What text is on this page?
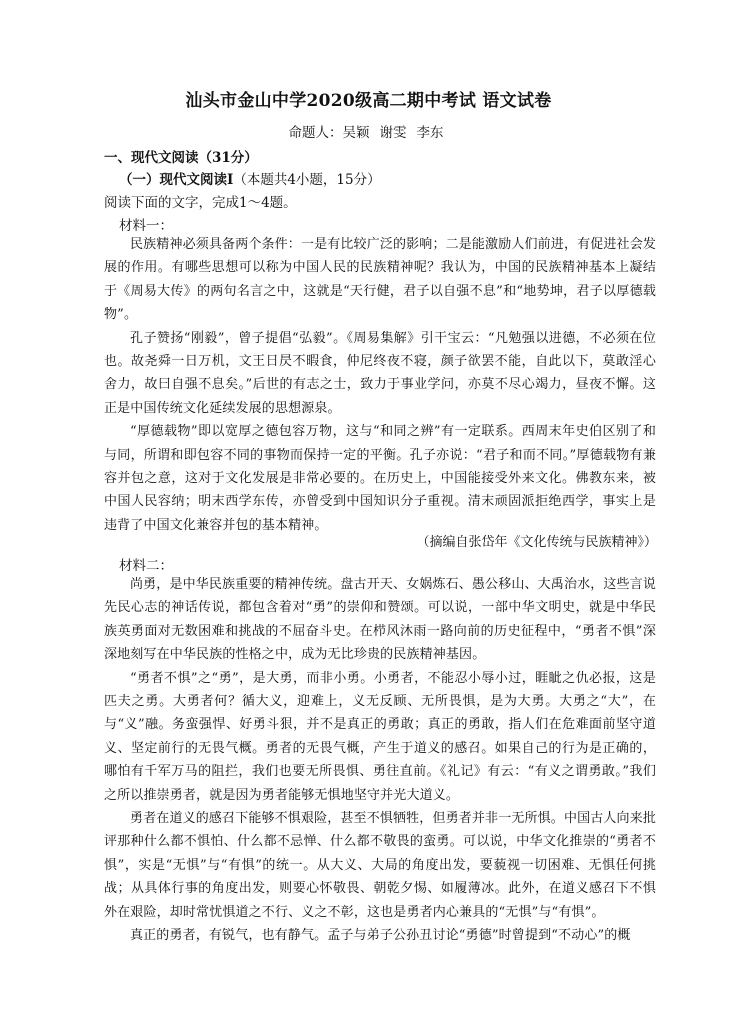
汕头市金山中学2020级高二期中考试 语文试卷
命题人：吴颖 谢雯 李东
一、现代文阅读（31分）
（一）现代文阅读Ⅰ（本题共4小题，15分）
阅读下面的文字，完成1～4题。
材料一：

民族精神必须具备两个条件：一是有比较广泛的影响；二是能激励人们前进，有促进社会发展的作用。有哪些思想可以称为中国人民的民族精神呢？我认为，中国的民族精神基本上凝结于《周易大传》的两句名言之中，这就是“天行健，君子以自强不息”和“地势坤，君子以厚德载物”。

孔子赞扬“刚毅”，曾子提倡“弘毅”。《周易集解》引干宝云：“凡勉强以进德，不必须在位也。故尧舜一日万机，文王日昃不暇食，仲尼终夜不寝，颜子欲罢不能，自此以下，莫敢淫心舍力，故曰自强不息矣。”后世的有志之士，致力于事业学问，亦莫不尽心竭力，昼夜不懈。这正是中国传统文化延续发展的思想源泉。

“厚德载物”即以宽厚之德包容万物，这与“和同之辨”有一定联系。西周末年史伯区别了和与同，所谓和即包容不同的事物而保持一定的平衡。孔子亦说：“君子和而不同。”厚德载物有兼容并包之意，这对于文化发展是非常必要的。在历史上，中国能接受外来文化。佛教东来，被中国人民容纳；明末西学东传，亦曾受到中国知识分子重视。清末顽固派拒绝西学，事实上是违背了中国文化兼容并包的基本精神。

（摘编自张岱年《文化传统与民族精神》）
材料二：

尚勇，是中华民族重要的精神传统。盘古开天、女娲炼石、愚公移山、大禹治水，这些言说先民心志的神话传说，都包含着对“勇”的崇仰和赞颂。可以说，一部中华文明史，就是中华民族英勇面对无数困难和挑战的不屈奋斗史。在栉风沐雨一路向前的历史征程中，“勇者不惧”深深地刻写在中华民族的性格之中，成为无比珍贵的民族精神基因。

“勇者不惧”之“勇”，是大勇，而非小勇。小勇者，不能忍小辱小过，睚眦之仇必报，这是匹夫之勇。大勇者何？循大义，迎难上，义无反顾、无所畏惧，是为大勇。大勇之“大”，在与“义”融。务蛮强悍、好勇斗狠，并不是真正的勇敢；真正的勇敢，指人们在危难面前坚守道义、坚定前行的无畏气概。勇者的无畏气概，产生于道义的感召。如果自己的行为是正确的，哪怕有千军万马的阻拦，我们也要无所畏惧、勇往直前。《礼记》有云：“有义之谓勇敢。”我们之所以推崇勇者，就是因为勇者能够无惧地坚守并光大道义。

勇者在道义的感召下能够不惧艰险，甚至不惧牺牲，但勇者并非一无所惧。中国古人向来批评那种什么都不惧怕、什么都不忌惮、什么都不敬畏的蛮勇。可以说，中华文化推崇的“勇者不惧”，实是“无惧”与“有惧”的统一。从大义、大局的角度出发，要藐视一切困难、无惧任何挑战；从具体行事的角度出发，则要心怀敬畏、朝乾夕惕、如履薄冰。此外，在道义感召下不惧外在艰险，却时常忧惧道之不行、义之不彰，这也是勇者内心兼具的“无惧”与“有惧”。

真正的勇者，有锐气，也有静气。孟子与弟子公孙丑讨论“勇德”时曾提到“不动心”的概
